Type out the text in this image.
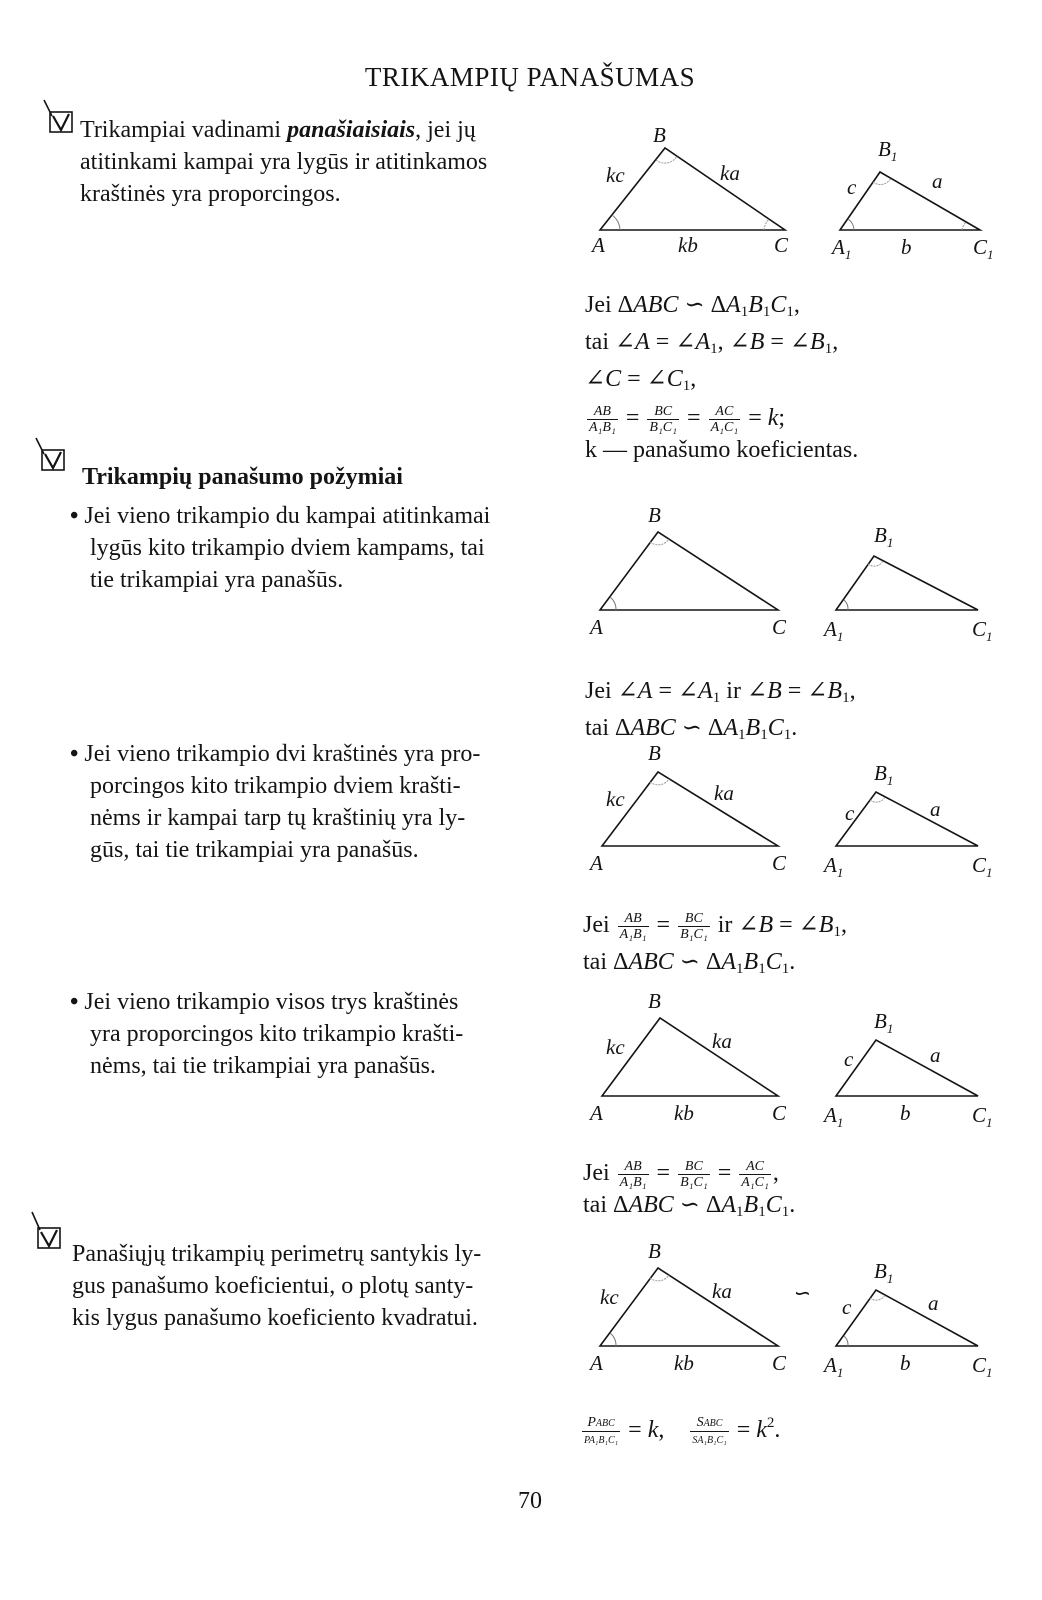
TRIKAMPIŲ PANAŠUMAS

Trikampiai vadinami panašiaisiais, jei jų

atitinkami kampai yra lygūs ir atitinkamos

kraštinės yra proporcingos.

B
A	C
kc	ka
kb
$B_1$
$A_1$	$C_1$
c	a
b
Jei ΔABC ∽ $\Delta A_1B_1C_1$,
tai ∠A = $\angle A_1$, ∠B = $\angle B_1$,
∠C = $\angle C_1$,
$\frac{AB}{\text{A₁B₁}} = \frac{BC}{\text{B₁C₁}} = \frac{AC}{\text{A₁C₁}} = k$;
k — panašumo koeficientas.
Trikampių panašumo požymiai
• Jei vieno trikampio du kampai atitinkamai
lygūs kito trikampio dviem kampams, tai
tie trikampiai yra panašūs.
B
A	C
$B_1$
$A_1$	$C_1$
Jei ∠A = $\angle A_1$ ir ∠B = $\angle B_1$,
tai ΔABC ∽ $\Delta A_1B_1C_1$.
• Jei vieno trikampio dvi kraštinės yra pro-
porcingos kito trikampio dviem krašti-
nėms ir kampai tarp tų kraštinių yra ly-
gūs, tai tie trikampiai yra panašūs.
B
A	C
kc	ka
$B_1$
$A_1$	$C_1$
c	a
Jei $\frac{AB}{\text{A₁B₁}} = \frac{BC}{\text{B₁C₁}}$ ir ∠B = $\angle B_1$,
tai ΔABC ∽ $\Delta A_1B_1C_1$.
• Jei vieno trikampio visos trys kraštinės
yra proporcingos kito trikampio krašti-
nėms, tai tie trikampiai yra panašūs.
B
A	C
kc	ka
kb
$B_1$
$A_1$	$C_1$
c	a
b
Jei $\frac{AB}{\text{A₁B₁}} = \frac{BC}{\text{B₁C₁}} = \frac{AC}{\text{A₁C₁}}$ ,
tai ΔABC ∽ $\Delta A_1B_1C_1$.

Panašiųjų trikampių perimetrų santykis ly-

gus panašumo koeficientui, o plotų santy-

kis lygus panašumo koeficiento kvadratui.

B
A	C
kc	ka
kb
∽
$B_1$
$A_1$	$C_1$
c	a
b
$\frac{\text{PABC}}{\text{PA₁B₁C₁}} = k$, $\frac{\text{SABC}}{\text{SA₁B₁C₁}} = k^2$.
70
